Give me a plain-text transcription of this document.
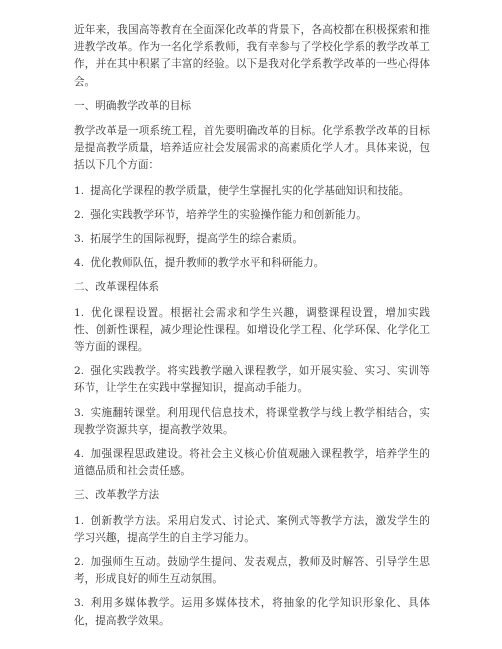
近年来，我国高等教育在全面深化改革的背景下，各高校都在积极探索和推进教学改革。作为一名化学系教师，我有幸参与了学校化学系的教学改革工作，并在其中积累了丰富的经验。以下是我对化学系教学改革的一些心得体会。

一、明确教学改革的目标

教学改革是一项系统工程，首先要明确改革的目标。化学系教学改革的目标是提高教学质量，培养适应社会发展需求的高素质化学人才。具体来说，包括以下几个方面：

1. 提高化学课程的教学质量，使学生掌握扎实的化学基础知识和技能。

2. 强化实践教学环节，培养学生的实验操作能力和创新能力。

3. 拓展学生的国际视野，提高学生的综合素质。

4. 优化教师队伍，提升教师的教学水平和科研能力。

二、改革课程体系

1. 优化课程设置。根据社会需求和学生兴趣，调整课程设置，增加实践性、创新性课程，减少理论性课程。如增设化学工程、化学环保、化学化工等方面的课程。

2. 强化实践教学。将实践教学融入课程教学，如开展实验、实习、实训等环节，让学生在实践中掌握知识，提高动手能力。

3. 实施翻转课堂。利用现代信息技术，将课堂教学与线上教学相结合，实现教学资源共享，提高教学效果。

4. 加强课程思政建设。将社会主义核心价值观融入课程教学，培养学生的道德品质和社会责任感。

三、改革教学方法

1. 创新教学方法。采用启发式、讨论式、案例式等教学方法，激发学生的学习兴趣，提高学生的自主学习能力。

2. 加强师生互动。鼓励学生提问、发表观点，教师及时解答、引导学生思考，形成良好的师生互动氛围。

3. 利用多媒体教学。运用多媒体技术，将抽象的化学知识形象化、具体化，提高教学效果。
